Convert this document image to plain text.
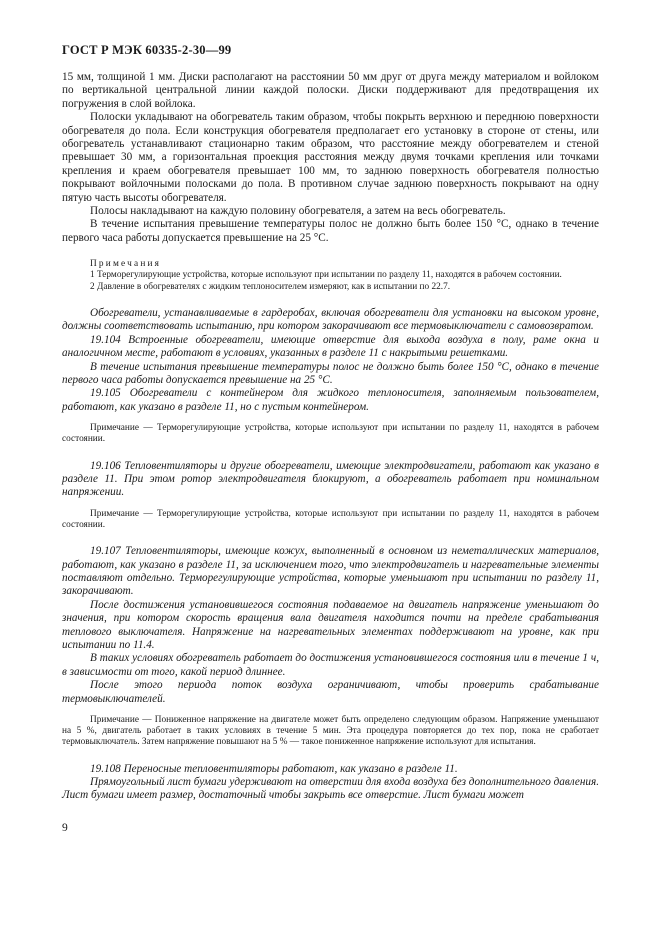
ГОСТ Р МЭК 60335-2-30—99

15 мм, толщиной 1 мм. Диски располагают на расстоянии 50 мм друг от друга между материалом и войлоком по вертикальной центральной линии каждой полоски. Диски поддерживают для предотвращения их погружения в слой войлока.

Полоски укладывают на обогреватель таким образом, чтобы покрыть верхнюю и переднюю поверхности обогревателя до пола. Если конструкция обогревателя предполагает его установку в стороне от стены, или обогреватель устанавливают стационарно таким образом, что расстояние между обогревателем и стеной превышает 30 мм, а горизонтальная проекция расстояния между двумя точками крепления или точками крепления и краем обогревателя превышает 100 мм, то заднюю поверхность обогревателя полностью покрывают войлочными полосками до пола. В противном случае заднюю поверхность покрывают на одну пятую часть высоты обогревателя.

Полосы накладывают на каждую половину обогревателя, а затем на весь обогреватель.

В течение испытания превышение температуры полос не должно быть более 150 °С, однако в течение первого часа работы допускается превышение на 25 °С.

Примечания

1 Терморегулирующие устройства, которые используют при испытании по разделу 11, находятся в рабочем состоянии.

2 Давление в обогревателях с жидким теплоносителем измеряют, как в испытании по 22.7.

Обогреватели, устанавливаемые в гардеробах, включая обогреватели для установки на высоком уровне, должны соответствовать испытанию, при котором закорачивают все термовыключатели с самовозвратом.

19.104 Встроенные обогреватели, имеющие отверстие для выхода воздуха в полу, раме окна и аналогичном месте, работают в условиях, указанных в разделе 11 с накрытыми решетками.

В течение испытания превышение температуры полос не должно быть более 150 °С, однако в течение первого часа работы допускается превышение на 25 °С.

19.105 Обогреватели с контейнером для жидкого теплоносителя, заполняемым пользователем, работают, как указано в разделе 11, но с пустым контейнером.

Примечание — Терморегулирующие устройства, которые используют при испытании по разделу 11, находятся в рабочем состоянии.

19.106 Тепловентиляторы и другие обогреватели, имеющие электродвигатели, работают как указано в разделе 11. При этом ротор электродвигателя блокируют, а обогреватель работает при номинальном напряжении.

Примечание — Терморегулирующие устройства, которые используют при испытании по разделу 11, находятся в рабочем состоянии.

19.107 Тепловентиляторы, имеющие кожух, выполненный в основном из неметаллических материалов, работают, как указано в разделе 11, за исключением того, что электродвигатель и нагревательные элементы поставляют отдельно. Терморегулирующие устройства, которые уменьшают при испытании по разделу 11, закорачивают.

После достижения установившегося состояния подаваемое на двигатель напряжение уменьшают до значения, при котором скорость вращения вала двигателя находится почти на пределе срабатывания теплового выключателя. Напряжение на нагревательных элементах поддерживают на уровне, как при испытании по 11.4.

В таких условиях обогреватель работает до достижения установившегося состояния или в течение 1 ч, в зависимости от того, какой период длиннее.

После этого периода поток воздуха ограничивают, чтобы проверить срабатывание термовыключателей.

Примечание — Пониженное напряжение на двигателе может быть определено следующим образом. Напряжение уменьшают на 5 %, двигатель работает в таких условиях в течение 5 мин. Эта процедура повторяется до тех пор, пока не сработает термовыключатель. Затем напряжение повышают на 5 % — такое пониженное напряжение используют для испытания.

19.108 Переносные тепловентиляторы работают, как указано в разделе 11.

Прямоугольный лист бумаги удерживают на отверстии для входа воздуха без дополнительного давления. Лист бумаги имеет размер, достаточный чтобы закрыть все отверстие. Лист бумаги может

9
